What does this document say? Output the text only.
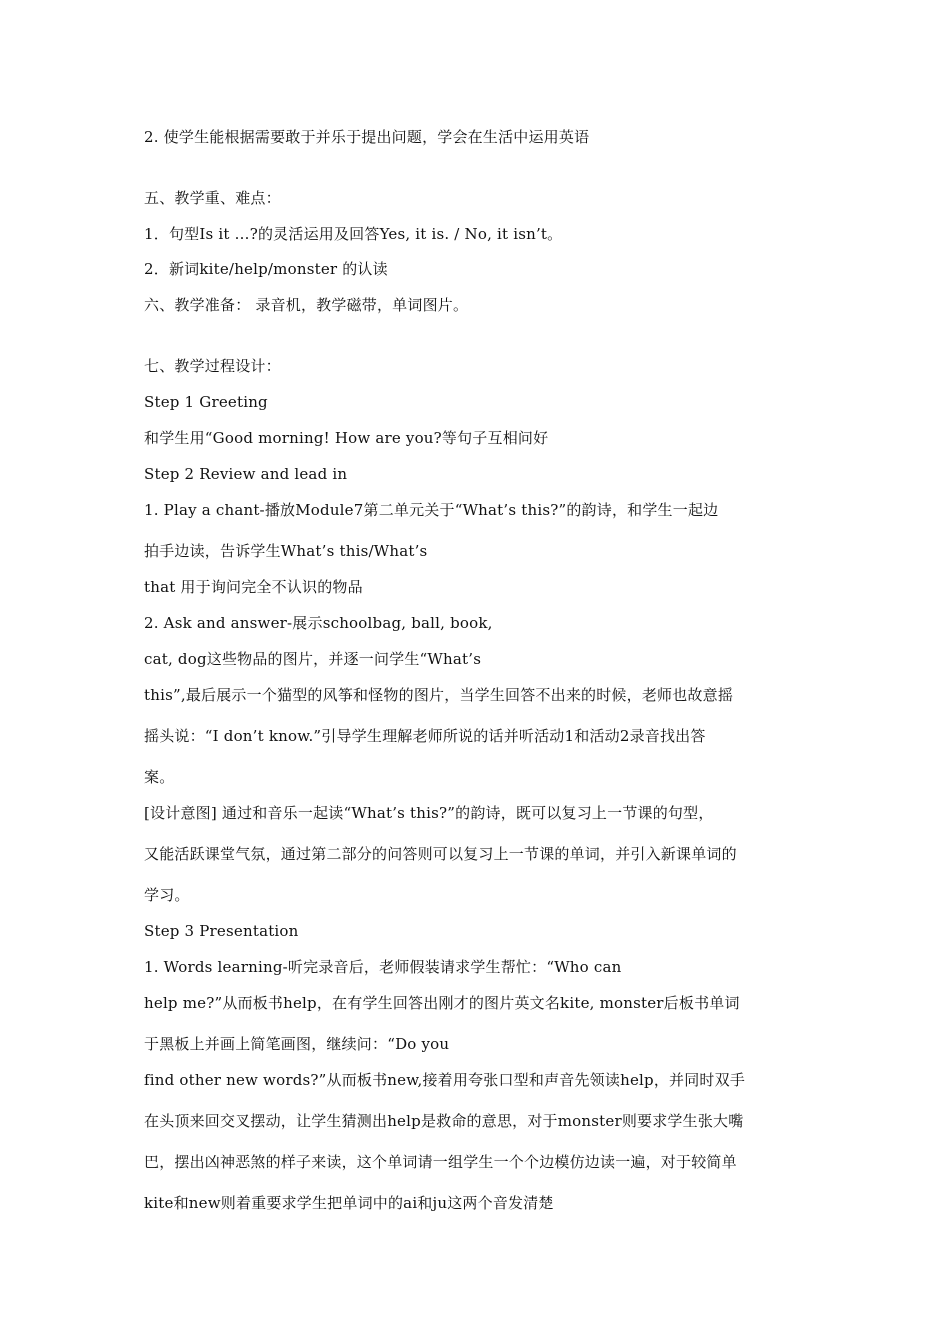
2. 使学生能根据需要敢于并乐于提出问题，学会在生活中运用英语
五、教学重、难点：
1．句型Is it …?的灵活运用及回答Yes, it is. / No, it isn’t。
2．新词kite/help/monster 的认读
六、教学准备： 录音机，教学磁带，单词图片。
七、教学过程设计：
Step 1 Greeting
和学生用“Good morning! How are you?等句子互相问好
Step 2 Review and lead in
1. Play a chant-播放Module7第二单元关于“What’s this?”的韵诗，和学生一起边
拍手边读，告诉学生What’s this/What’s
that 用于询问完全不认识的物品
2. Ask and answer-展示schoolbag, ball, book,
cat, dog这些物品的图片，并逐一问学生“What’s
this”,最后展示一个猫型的风筝和怪物的图片，当学生回答不出来的时候，老师也故意摇
摇头说：“I don’t know.”引导学生理解老师所说的话并听活动1和活动2录音找出答
案。
[设计意图] 通过和音乐一起读“What’s this?”的韵诗，既可以复习上一节课的句型，
又能活跃课堂气氛，通过第二部分的问答则可以复习上一节课的单词，并引入新课单词的
学习。
Step 3 Presentation
1. Words learning-听完录音后，老师假装请求学生帮忙：“Who can
help me?”从而板书help，在有学生回答出刚才的图片英文名kite, monster后板书单词
于黑板上并画上简笔画图，继续问：“Do you
find other new words?”从而板书new,接着用夸张口型和声音先领读help，并同时双手
在头顶来回交叉摆动，让学生猜测出help是救命的意思，对于monster则要求学生张大嘴
巴，摆出凶神恶煞的样子来读，这个单词请一组学生一个个边模仿边读一遍，对于较简单
kite和new则着重要求学生把单词中的ai和ju这两个音发清楚
